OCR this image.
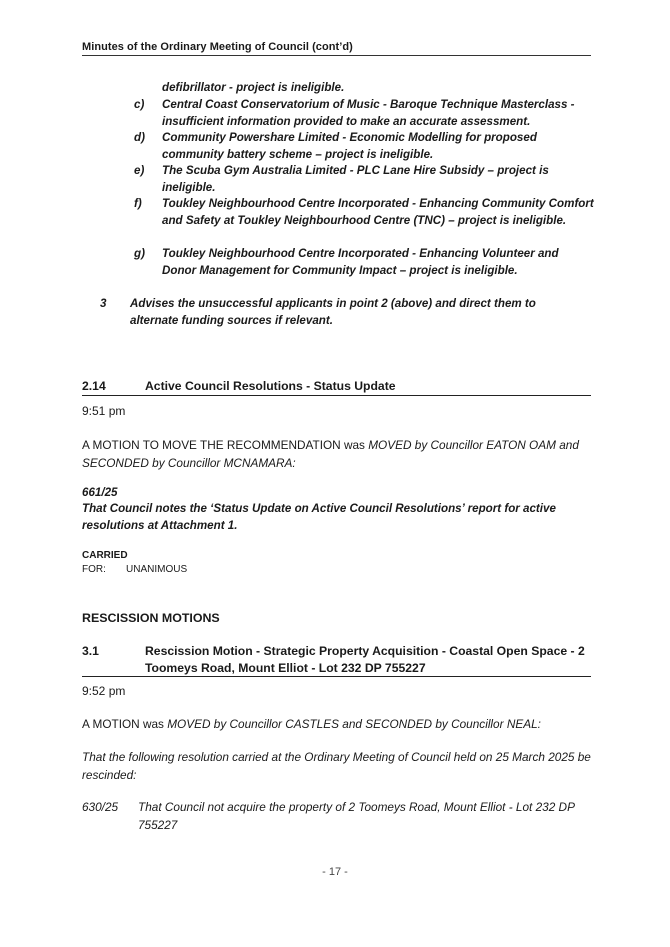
Minutes of the Ordinary Meeting of Council (cont’d)
defibrillator - project is ineligible.
c)	Central Coast Conservatorium of Music - Baroque Technique Masterclass - insufficient information provided to make an accurate assessment.
d)	Community Powershare Limited - Economic Modelling for proposed community battery scheme – project is ineligible.
e)	The Scuba Gym Australia Limited - PLC Lane Hire Subsidy – project is ineligible.
f)	Toukley Neighbourhood Centre Incorporated - Enhancing Community Comfort and Safety at Toukley Neighbourhood Centre (TNC) – project is ineligible.
g)	Toukley Neighbourhood Centre Incorporated - Enhancing Volunteer and Donor Management for Community Impact – project is ineligible.
3	Advises the unsuccessful applicants in point 2 (above) and direct them to alternate funding sources if relevant.
2.14	Active Council Resolutions - Status Update
9:51 pm
A MOTION TO MOVE THE RECOMMENDATION was MOVED by Councillor EATON OAM and SECONDED by Councillor MCNAMARA:
661/25
That Council notes the ‘Status Update on Active Council Resolutions’ report for active resolutions at Attachment 1.
CARRIED
FOR: UNANIMOUS
RESCISSION MOTIONS
3.1	Rescission Motion - Strategic Property Acquisition - Coastal Open Space - 2 Toomeys Road, Mount Elliot - Lot 232 DP 755227
9:52 pm
A MOTION was MOVED by Councillor CASTLES and SECONDED by Councillor NEAL:
That the following resolution carried at the Ordinary Meeting of Council held on 25 March 2025 be rescinded:
630/25 That Council not acquire the property of 2 Toomeys Road, Mount Elliot - Lot 232 DP 755227
- 17 -
